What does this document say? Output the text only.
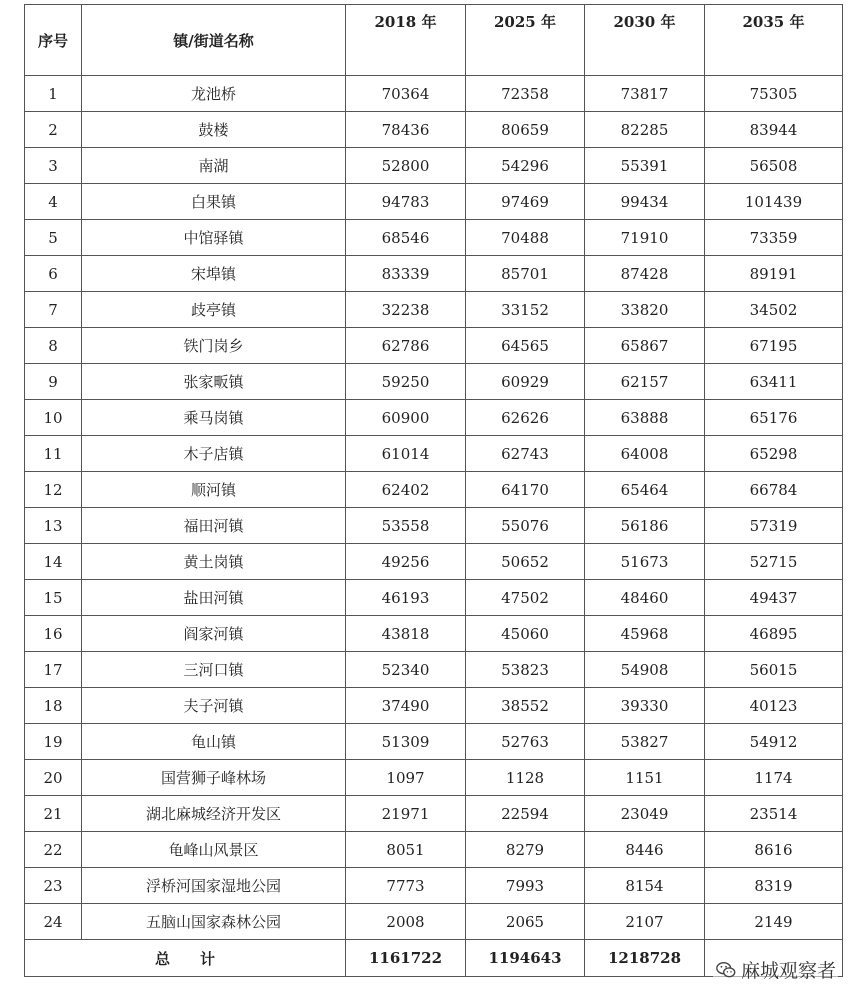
序号	镇/街道名称	2018 年	2025 年	2030 年	2035 年
1	龙池桥	70364	72358	73817	75305
2	鼓楼	78436	80659	82285	83944
3	南湖	52800	54296	55391	56508
4	白果镇	94783	97469	99434	101439
5	中馆驿镇	68546	70488	71910	73359
6	宋埠镇	83339	85701	87428	89191
7	歧亭镇	32238	33152	33820	34502
8	铁门岗乡	62786	64565	65867	67195
9	张家畈镇	59250	60929	62157	63411
10	乘马岗镇	60900	62626	63888	65176
11	木子店镇	61014	62743	64008	65298
12	顺河镇	62402	64170	65464	66784
13	福田河镇	53558	55076	56186	57319
14	黄土岗镇	49256	50652	51673	52715
15	盐田河镇	46193	47502	48460	49437
16	阎家河镇	43818	45060	45968	46895
17	三河口镇	52340	53823	54908	56015
18	夫子河镇	37490	38552	39330	40123
19	龟山镇	51309	52763	53827	54912
20	国营狮子峰林场	1097	1128	1151	1174
21	湖北麻城经济开发区	21971	22594	23049	23514
22	龟峰山风景区	8051	8279	8446	8616
23	浮桥河国家湿地公园	7773	7993	8154	8319
24	五脑山国家森林公园	2008	2065	2107	2149
总　　计		1161722	1194643	1218728	
麻城观察者
